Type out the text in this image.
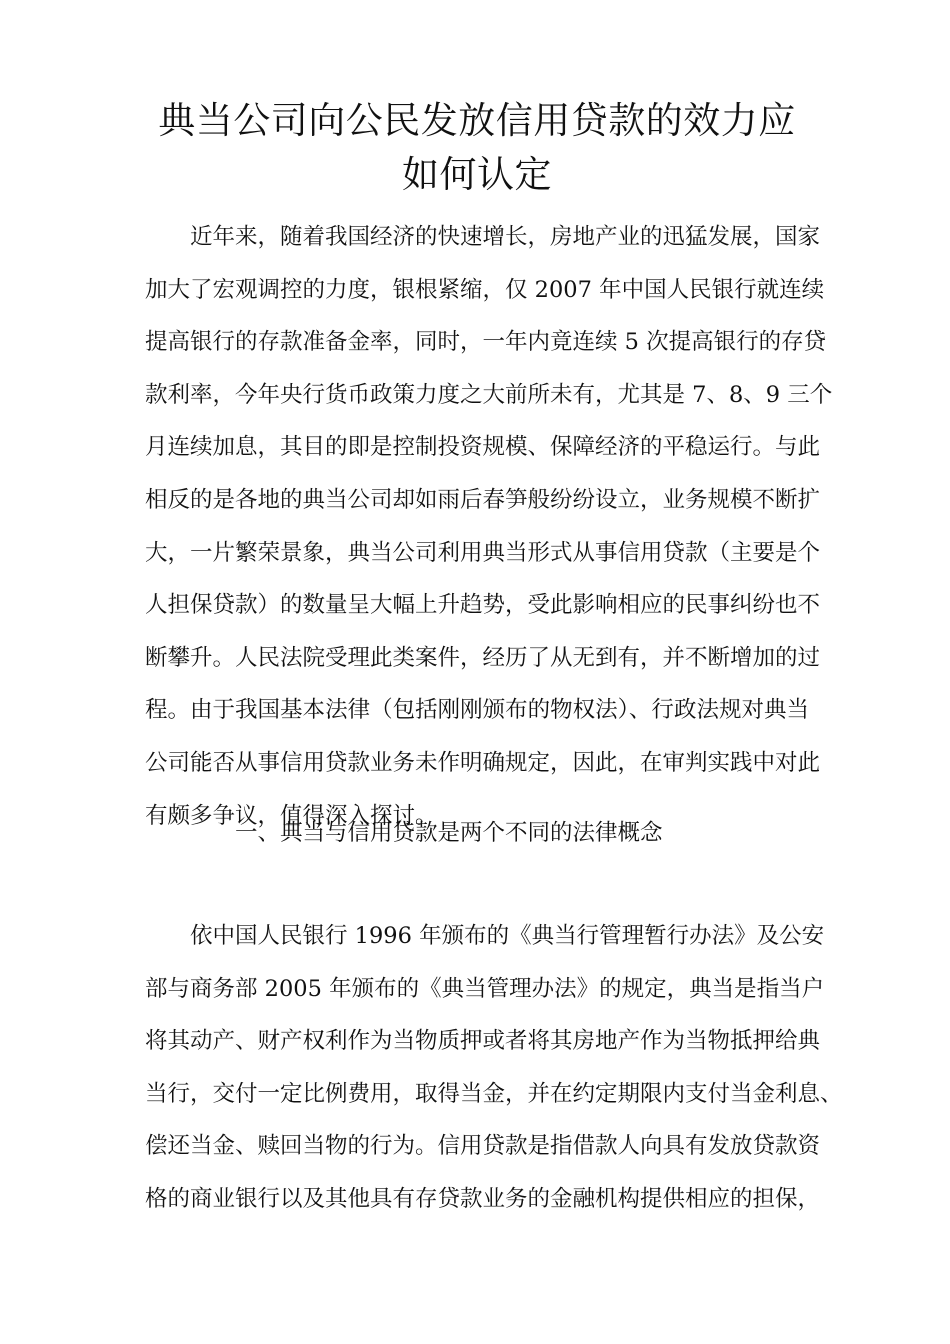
典当公司向公民发放信用贷款的效力应
如何认定
近年来，随着我国经济的快速增长，房地产业的迅猛发展，国家
加大了宏观调控的力度，银根紧缩，仅 2007 年中国人民银行就连续
提高银行的存款准备金率，同时，一年内竟连续 5 次提高银行的存贷
款利率，今年央行货币政策力度之大前所未有，尤其是 7、8、9 三个
月连续加息，其目的即是控制投资规模、保障经济的平稳运行。与此
相反的是各地的典当公司却如雨后春笋般纷纷设立，业务规模不断扩
大，一片繁荣景象，典当公司利用典当形式从事信用贷款（主要是个
人担保贷款）的数量呈大幅上升趋势，受此影响相应的民事纠纷也不
断攀升。人民法院受理此类案件，经历了从无到有，并不断增加的过
程。由于我国基本法律（包括刚刚颁布的物权法）、行政法规对典当
公司能否从事信用贷款业务未作明确规定，因此，在审判实践中对此
有颇多争议，值得深入探讨。
一、典当与信用贷款是两个不同的法律概念
依中国人民银行 1996 年颁布的《典当行管理暂行办法》及公安
部与商务部 2005 年颁布的《典当管理办法》的规定，典当是指当户
将其动产、财产权利作为当物质押或者将其房地产作为当物抵押给典
当行，交付一定比例费用，取得当金，并在约定期限内支付当金利息、
偿还当金、赎回当物的行为。信用贷款是指借款人向具有发放贷款资
格的商业银行以及其他具有存贷款业务的金融机构提供相应的担保，
